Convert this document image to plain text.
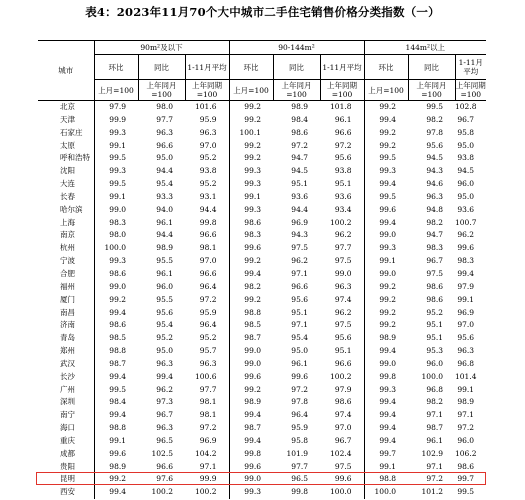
表4：2023年11月70个大中城市二手住宅销售价格分类指数（一）
城市	90m²及以下			90-144m²			144m²以上		
	环比	同比	1-11月平均	环比	同比	1-11月平均	环比	同比	1-11月平均
	上月=100	上年同月=100	上年同期=100	上月=100	上年同月=100	上年同期=100	上月=100	上年同月=100	上年同期=100
北京	97.9	98.0	101.6	99.2	98.9	101.8	99.2	99.5	102.8
天津	99.9	97.7	95.9	99.2	98.4	96.1	99.4	98.2	96.7
石家庄	99.3	96.3	96.3	100.1	98.6	96.6	99.2	97.8	95.8
太原	99.1	96.6	97.0	99.2	97.2	97.2	99.2	95.6	95.0
呼和浩特	99.5	95.0	95.2	99.2	94.7	95.6	99.5	94.5	93.8
沈阳	99.3	94.4	93.8	99.3	94.5	93.8	99.3	94.3	94.5
大连	99.5	95.4	95.2	99.3	95.1	95.1	99.4	94.6	96.0
长春	99.1	93.3	93.1	99.1	93.6	93.6	99.5	96.3	95.0
哈尔滨	99.0	94.0	94.4	99.3	94.4	93.4	99.6	94.8	93.6
上海	98.3	96.1	99.8	98.6	96.9	100.2	99.4	98.2	100.7
南京	98.0	94.4	96.6	98.3	94.3	96.2	99.0	94.7	96.2
杭州	100.0	98.9	98.1	99.6	97.5	97.7	99.3	98.3	99.6
宁波	99.3	95.5	97.0	99.2	96.2	97.5	99.1	96.7	98.3
合肥	98.6	96.1	96.6	99.4	97.1	99.0	99.0	97.5	99.4
福州	99.0	96.0	96.4	98.2	96.6	96.3	99.2	98.6	97.9
厦门	99.2	95.5	97.2	99.2	95.6	97.4	99.2	98.6	99.1
南昌	99.4	95.6	95.9	98.8	95.1	96.2	99.2	95.2	96.9
济南	98.6	95.4	96.4	98.5	97.1	97.5	99.2	95.1	97.0
青岛	98.5	95.2	95.2	98.7	95.4	95.6	98.9	95.1	95.6
郑州	98.8	95.0	95.7	99.0	95.0	95.1	99.4	95.3	96.3
武汉	98.7	96.3	96.3	99.0	96.1	96.6	99.0	96.0	96.8
长沙	99.4	99.4	100.6	99.6	99.6	100.2	99.8	100.0	101.4
广州	99.5	96.2	97.7	99.2	97.2	97.9	99.3	96.8	99.1
深圳	98.4	97.3	98.1	98.9	97.8	98.6	99.4	98.2	98.9
南宁	99.4	96.7	98.1	99.4	96.4	97.4	99.4	97.1	97.1
海口	98.8	96.3	97.2	98.7	95.9	97.0	99.4	98.7	97.2
重庆	99.1	96.5	96.9	99.4	95.8	96.7	99.4	96.1	96.0
成都	99.6	102.5	104.2	99.8	101.9	102.4	99.7	102.9	106.2
贵阳	98.9	96.6	97.1	99.6	97.7	97.5	99.1	97.1	98.6
昆明	99.2	97.6	99.9	99.0	96.5	99.6	98.8	97.2	99.7
西安	99.4	100.2	100.2	99.3	99.8	100.0	100.0	101.2	99.5
